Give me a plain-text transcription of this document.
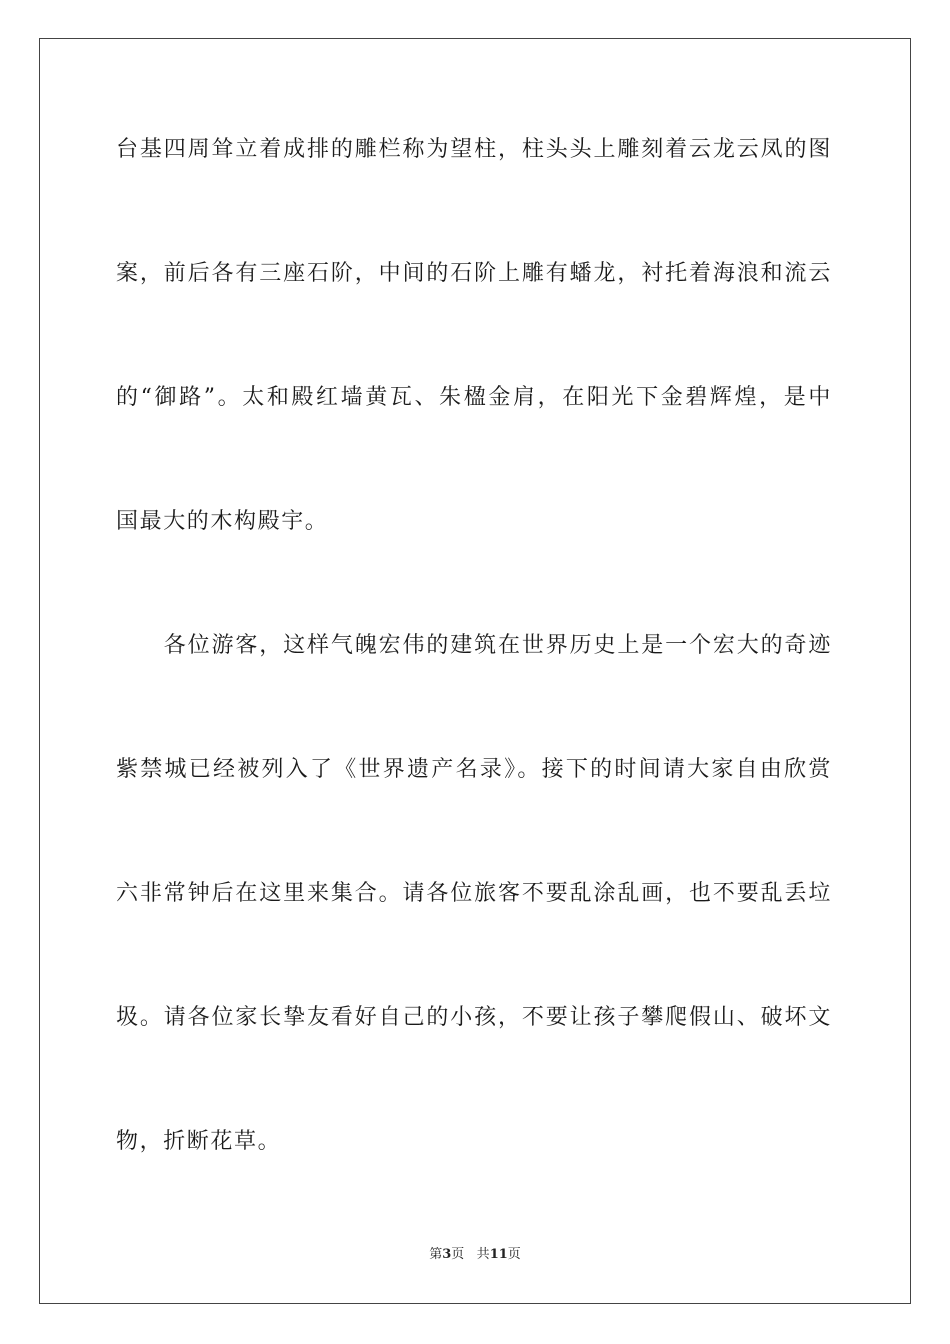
台基四周耸立着成排的雕栏称为望柱，柱头头上雕刻着云龙云凤的图
案，前后各有三座石阶，中间的石阶上雕有蟠龙，衬托着海浪和流云
的“御路”。太和殿红墙黄瓦、朱楹金肩，在阳光下金碧辉煌，是中
国最大的木构殿宇。
　　各位游客，这样气魄宏伟的建筑在世界历史上是一个宏大的奇迹
紫禁城已经被列入了《世界遗产名录》。接下的时间请大家自由欣赏
六非常钟后在这里来集合。请各位旅客不要乱涂乱画，也不要乱丢垃
圾。请各位家长挚友看好自己的小孩，不要让孩子攀爬假山、破坏文
物，折断花草。
第3页 共11页
